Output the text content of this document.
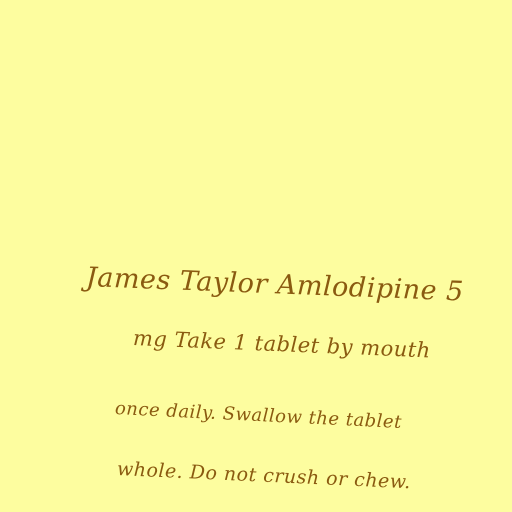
James Taylor Amlodipine 5
mg Take 1 tablet by mouth
once daily. Swallow the tablet
whole. Do not crush or chew.
